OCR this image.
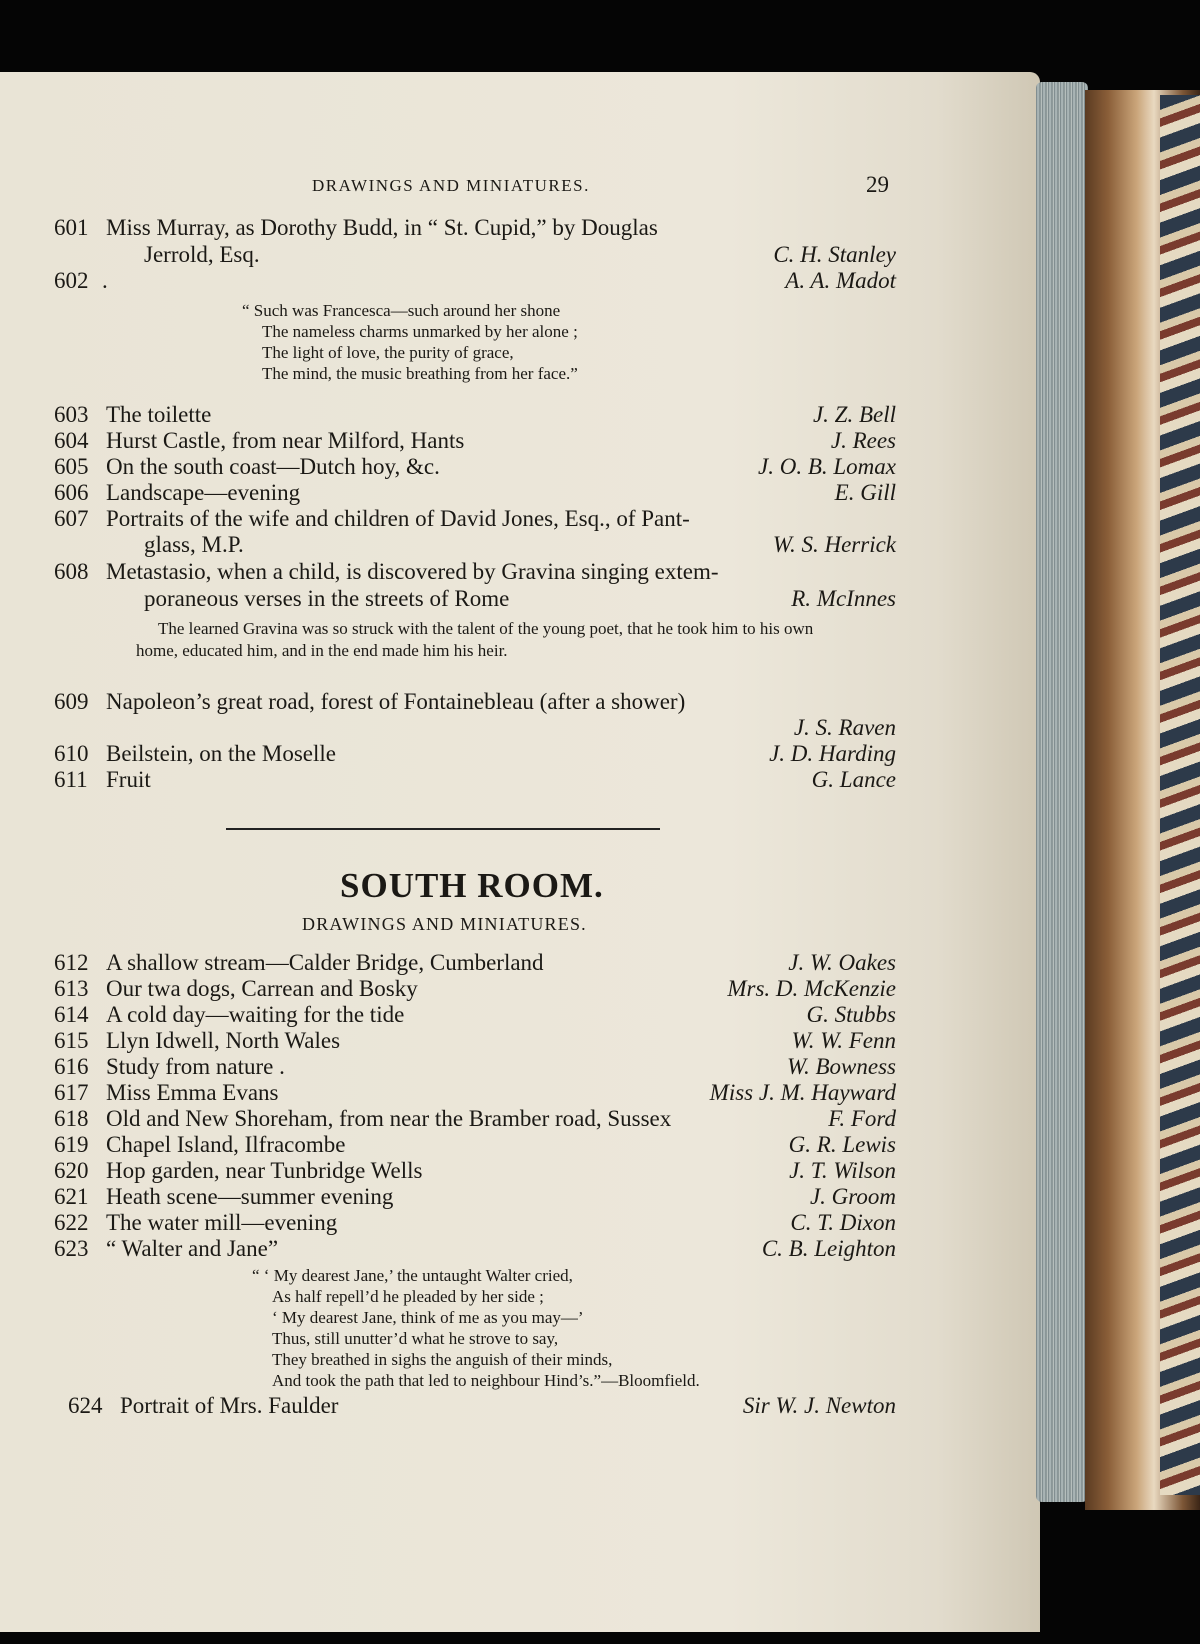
DRAWINGS AND MINIATURES.	29
601 Miss Murray, as Dorothy Budd, in “ St. Cupid,” by Douglas
Jerrold, Esq.	C. H. Stanley
602 .	A. A. Madot
“ Such was Francesca—such around her shone
The nameless charms unmarked by her alone ;
The light of love, the purity of grace,
The mind, the music breathing from her face.”
603 The toilette	J. Z. Bell
604 Hurst Castle, from near Milford, Hants	J. Rees
605 On the south coast—Dutch hoy, &c.	J. O. B. Lomax
606 Landscape—evening	E. Gill
607 Portraits of the wife and children of David Jones, Esq., of Pant-
glass, M.P.	W. S. Herrick
608 Metastasio, when a child, is discovered by Gravina singing extem-
poraneous verses in the streets of Rome	R. McInnes

The learned Gravina was so struck with the talent of the young poet, that he took him to his own home, educated him, and in the end made him his heir.

609 Napoleon’s great road, forest of Fontainebleau (after a shower)
J. S. Raven
610 Beilstein, on the Moselle	J. D. Harding
611 Fruit	G. Lance
SOUTH ROOM.
DRAWINGS AND MINIATURES.
612 A shallow stream—Calder Bridge, Cumberland	J. W. Oakes
613 Our twa dogs, Carrean and Bosky	Mrs. D. McKenzie
614 A cold day—waiting for the tide	G. Stubbs
615 Llyn Idwell, North Wales	W. W. Fenn
616 Study from nature .	W. Bowness
617 Miss Emma Evans	Miss J. M. Hayward
618 Old and New Shoreham, from near the Bramber road, Sussex	F. Ford
619 Chapel Island, Ilfracombe	G. R. Lewis
620 Hop garden, near Tunbridge Wells	J. T. Wilson
621 Heath scene—summer evening	J. Groom
622 The water mill—evening	C. T. Dixon
623 “ Walter and Jane”	C. B. Leighton
“ ‘ My dearest Jane,’ the untaught Walter cried,
As half repell’d he pleaded by her side ;
‘ My dearest Jane, think of me as you may—’
Thus, still unutter’d what he strove to say,
They breathed in sighs the anguish of their minds,
And took the path that led to neighbour Hind’s.”—Bloomfield.
624 Portrait of Mrs. Faulder	Sir W. J. Newton
